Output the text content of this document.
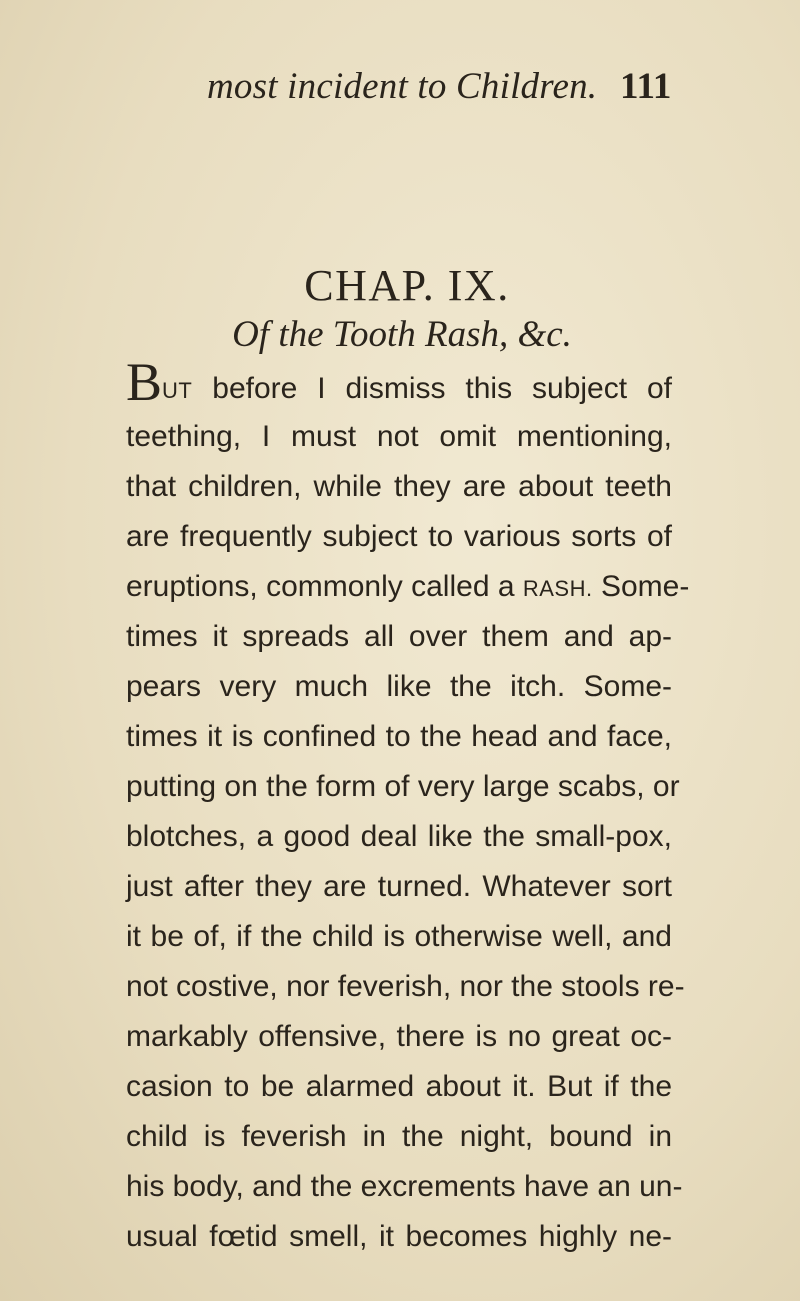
most incident to Children. 111
CHAP. IX.
Of the Tooth Rash, &c.
BUT before I dismiss this subject of
teething, I must not omit mentioning,
that children, while they are about teeth
are frequently subject to various sorts of
eruptions, commonly called a RASH. Some-
times it spreads all over them and ap-
pears very much like the itch. Some-
times it is confined to the head and face,
putting on the form of very large scabs, or
blotches, a good deal like the small-pox,
just after they are turned. Whatever sort
it be of, if the child is otherwise well, and
not costive, nor feverish, nor the stools re-
markably offensive, there is no great oc-
casion to be alarmed about it. But if the
child is feverish in the night, bound in
his body, and the excrements have an un-
usual fœtid smell, it becomes highly ne-
